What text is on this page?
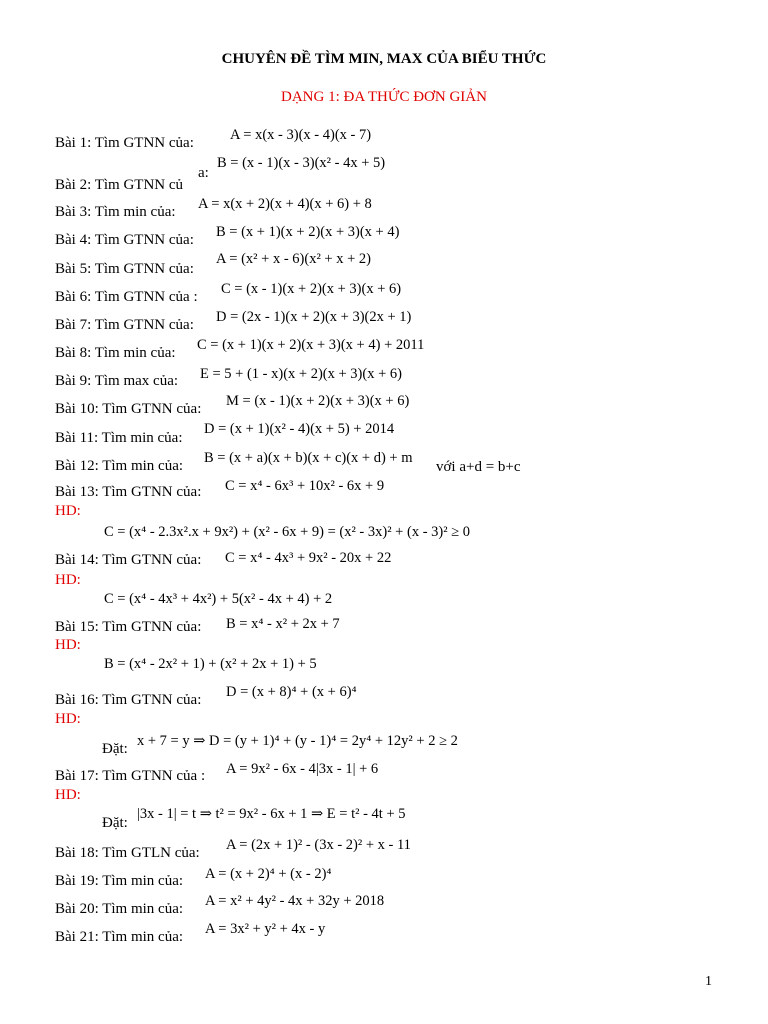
CHUYÊN ĐỀ TÌM MIN, MAX CỦA BIỂU THỨC
DẠNG 1: ĐA THỨC ĐƠN GIẢN
Bài 1: Tìm GTNN của:
Bài 2: Tìm GTNN củ
a:
Bài 3: Tìm min của:
Bài 4: Tìm GTNN của:
Bài 5: Tìm GTNN của:
Bài 6: Tìm GTNN của :
Bài 7: Tìm GTNN của:
Bài 8: Tìm min của:
Bài 9: Tìm max của:
Bài 10: Tìm GTNN của:
Bài 11: Tìm min của:
Bài 12: Tìm min của:	với a+d = b+c
Bài 13: Tìm GTNN của:
HD:
Bài 14: Tìm GTNN của:
HD:
Bài 15: Tìm GTNN của:
HD:
Bài 16: Tìm GTNN của:
HD:
Đặt:
Bài 17: Tìm GTNN của :
HD:
Đặt:
Bài 18: Tìm GTLN của:
Bài 19: Tìm min của:
Bài 20: Tìm min của:
Bài 21: Tìm min của:
A = x(x - 3)(x - 4)(x - 7)
B = (x - 1)(x - 3)(x² - 4x + 5)
A = x(x + 2)(x + 4)(x + 6) + 8
B = (x + 1)(x + 2)(x + 3)(x + 4)
A = (x² + x - 6)(x² + x + 2)
C = (x - 1)(x + 2)(x + 3)(x + 6)
D = (2x - 1)(x + 2)(x + 3)(2x + 1)
C = (x + 1)(x + 2)(x + 3)(x + 4) + 2011
E = 5 + (1 - x)(x + 2)(x + 3)(x + 6)
M = (x - 1)(x + 2)(x + 3)(x + 6)
D = (x + 1)(x² - 4)(x + 5) + 2014
B = (x + a)(x + b)(x + c)(x + d) + m
C = x⁴ - 6x³ + 10x² - 6x + 9
C = (x⁴ - 2.3x².x + 9x²) + (x² - 6x + 9) = (x² - 3x)² + (x - 3)² ≥ 0
C = x⁴ - 4x³ + 9x² - 20x + 22
C = (x⁴ - 4x³ + 4x²) + 5(x² - 4x + 4) + 2
B = x⁴ - x² + 2x + 7
B = (x⁴ - 2x² + 1) + (x² + 2x + 1) + 5
D = (x + 8)⁴ + (x + 6)⁴
x + 7 = y ⇒ D = (y + 1)⁴ + (y - 1)⁴ = 2y⁴ + 12y² + 2 ≥ 2
A = 9x² - 6x - 4|3x - 1| + 6
|3x - 1| = t ⇒ t² = 9x² - 6x + 1 ⇒ E = t² - 4t + 5
A = (2x + 1)² - (3x - 2)² + x - 11
A = (x + 2)⁴ + (x - 2)⁴
A = x² + 4y² - 4x + 32y + 2018
A = 3x² + y² + 4x - y
1
